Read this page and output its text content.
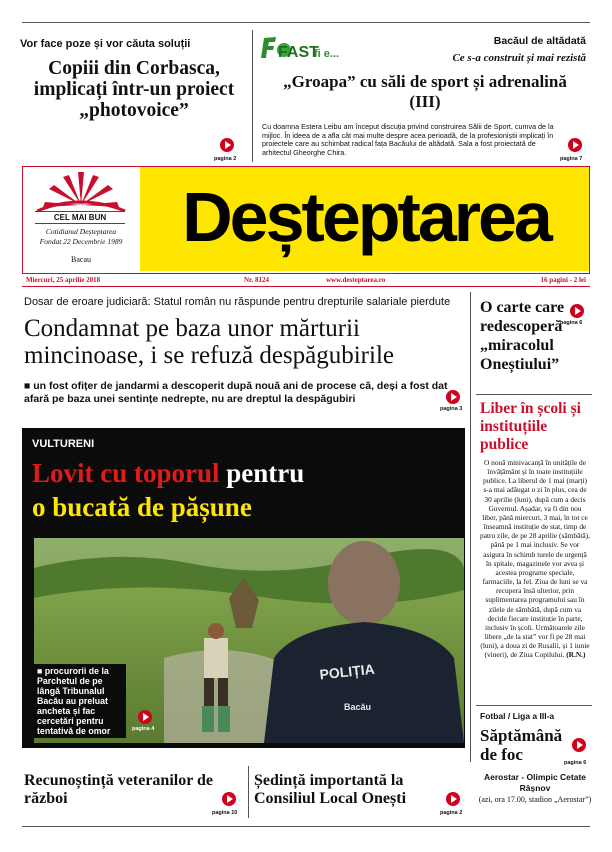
Vor face poze și vor căuta soluții
Copiii din Corbasca, implicați într-un proiect „photovoice”
pagina 2
FAST
fi e...
Bacăul de altădată
Ce s-a construit și mai rezistă
„Groapa” cu săli de sport și adrenalină (III)
Cu doamna Estera Leibu am început discuția privind construirea Sălii de Sport, cumva de la mijloc. În ideea de a afla cât mai multe despre acea perioadă, de la profesioniștii implicați în proiectele care au schimbat radical fața Bacăului de altădată. Sala a fost proiectată de arhitectul Gheorghe Chira.
pagina 7
CEL MAI BUN
Cotidianul Deșteptarea
Fondat 22 Decembrie 1989
Bacau
Deșteptarea
Miercuri, 25 aprilie 2018	Nr. 8124	www.desteptarea.ro	16 pagini - 2 lei
Dosar de eroare judiciară: Statul român nu răspunde pentru drepturile salariale pierdute
Condamnat pe baza unor mărturii mincinoase, i se refuză despăgubirile
■ un fost ofițer de jandarmi a descoperit după nouă ani de procese că, deși a fost dat afară pe baza unei sentințe nedrepte, nu are dreptul la despăgubiri
pagina 3
VULTURENI
Lovit cu toporul pentru
o bucată de pășune
POLIȚIA
Bacău
■ procurorii de la Parchetul de pe lângă Tribunalul Bacău au preluat ancheta și fac cercetări pentru tentativă de omor	pagina 4
O carte care redescoperă „miracolul Oneștiului”
pagina 6
Liber în școli și instituțiile publice
O nouă minivacanță în unitățile de învățământ și în toate instituțiile publice. La liberul de 1 mai (marți) s-a mai adăugat o zi în plus, cea de 30 aprilie (luni), după cum a decis Guvernul. Așadar, va fi din nou liber, până miercuri, 3 mai, în tot ce înseamnă instituție de stat, timp de patru zile, de pe 28 aprilie (sâmbătă), până pe 1 mai inclusiv. Se vor asigura în schimb turele de urgență în spitale, magazinele vor avea și acestea programe speciale, farmaciile, la fel. Ziua de luni se va recupera însă ulterior, prin suplimentarea programului sau în zilele de sâmbătă, după cum va decide fiecare instituție în parte, inclusiv în școli. Următoarele zile libere „de la stat” vor fi pe 28 mai (luni), a doua zi de Rusalii, și 1 iunie (vineri), de Ziua Copilului. (R.N.)
Fotbal / Liga a III-a
Săptămână de foc	pagina 6
Aerostar - Olimpic Cetate Râșnov
(azi, ora 17.00, stadion „Aerostar”)
Recunoștință veteranilor de război
pagina 10
Ședință importantă la Consiliul Local Onești
pagina 2
